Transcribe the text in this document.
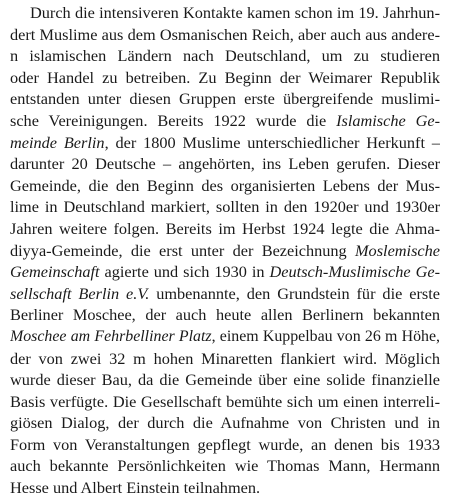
Durch die intensiveren Kontakte kamen schon im 19. Jahrhun-
dert Muslime aus dem Osmanischen Reich, aber auch aus andere-
n islamischen Ländern nach Deutschland, um zu studieren
oder Handel zu betreiben. Zu Beginn der Weimarer Republik
entstanden unter diesen Gruppen erste übergreifende muslimi-
sche Vereinigungen. Bereits 1922 wurde die Islamische Ge-
meinde Berlin, der 1800 Muslime unterschiedlicher Herkunft –
darunter 20 Deutsche – angehörten, ins Leben gerufen. Dieser
Gemeinde, die den Beginn des organisierten Lebens der Mus-
lime in Deutschland markiert, sollten in den 1920er und 1930er
Jahren weitere folgen. Bereits im Herbst 1924 legte die Ahma-
diyya-Gemeinde, die erst unter der Bezeichnung Moslemische
Gemeinschaft agierte und sich 1930 in Deutsch-Muslimische Ge-
sellschaft Berlin e.V. umbenannte, den Grundstein für die erste
Berliner Moschee, der auch heute allen Berlinern bekannten
Moschee am Fehrbelliner Platz, einem Kuppelbau von 26 m Höhe,
der von zwei 32 m hohen Minaretten flankiert wird. Möglich
wurde dieser Bau, da die Gemeinde über eine solide finanzielle
Basis verfügte. Die Gesellschaft bemühte sich um einen interreli-
giösen Dialog, der durch die Aufnahme von Christen und in
Form von Veranstaltungen gepflegt wurde, an denen bis 1933
auch bekannte Persönlichkeiten wie Thomas Mann, Hermann
Hesse und Albert Einstein teilnahmen.
